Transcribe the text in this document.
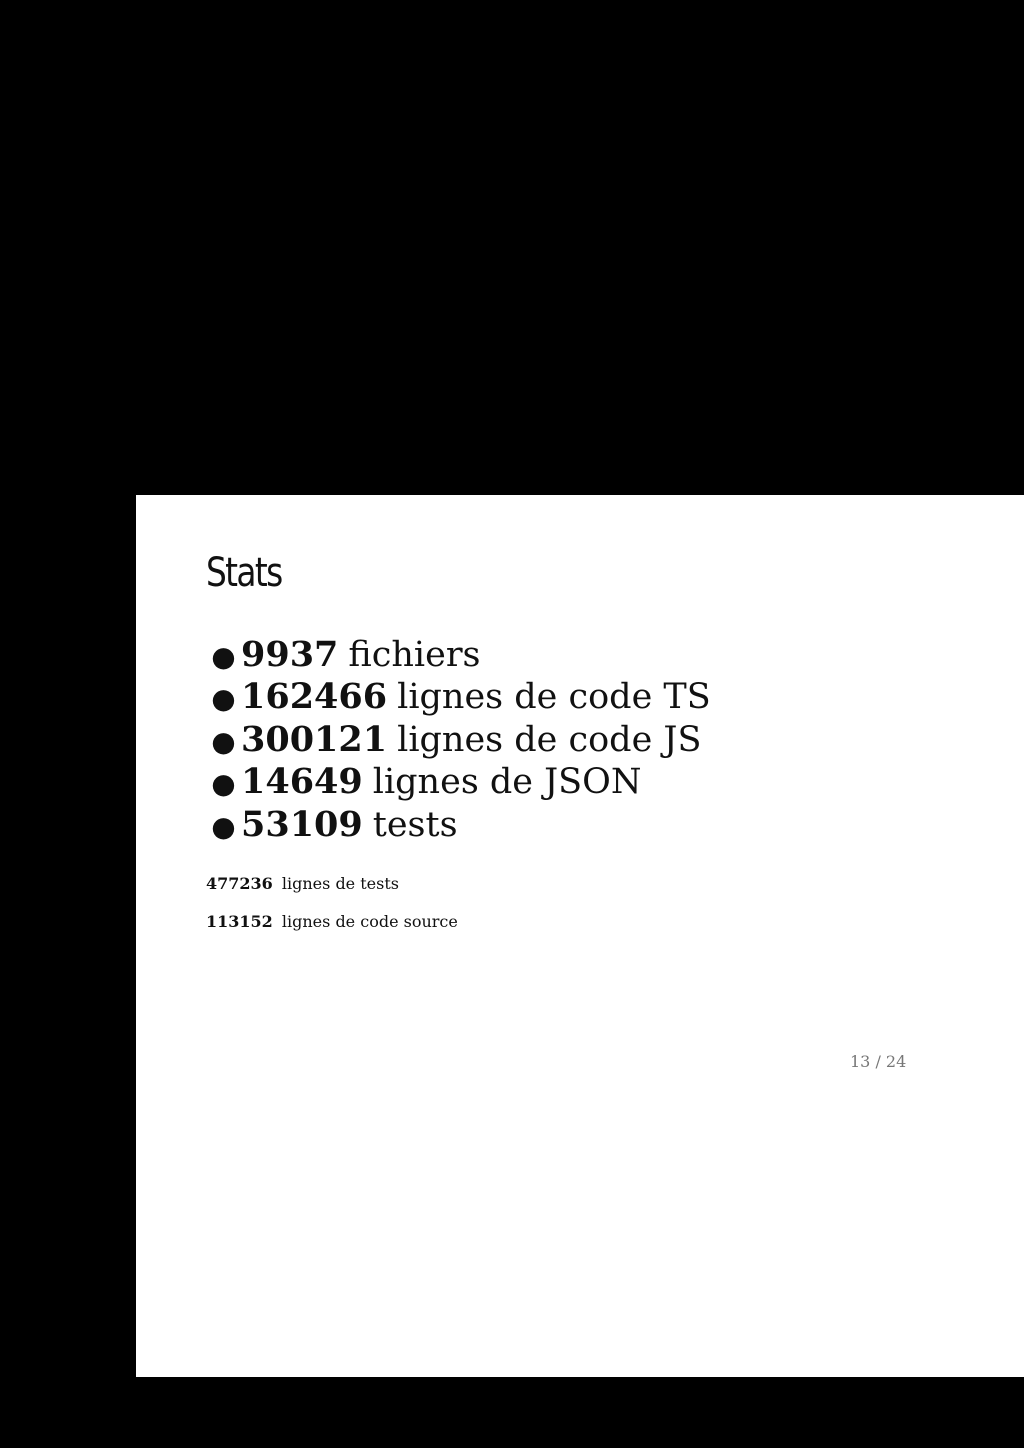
Stats
● 9937 fichiers
● 162466 lignes de code TS
● 300121 lignes de code JS
● 14649 lignes de JSON
● 53109 tests

477236 lignes de tests

113152 lignes de code source

13 / 24
